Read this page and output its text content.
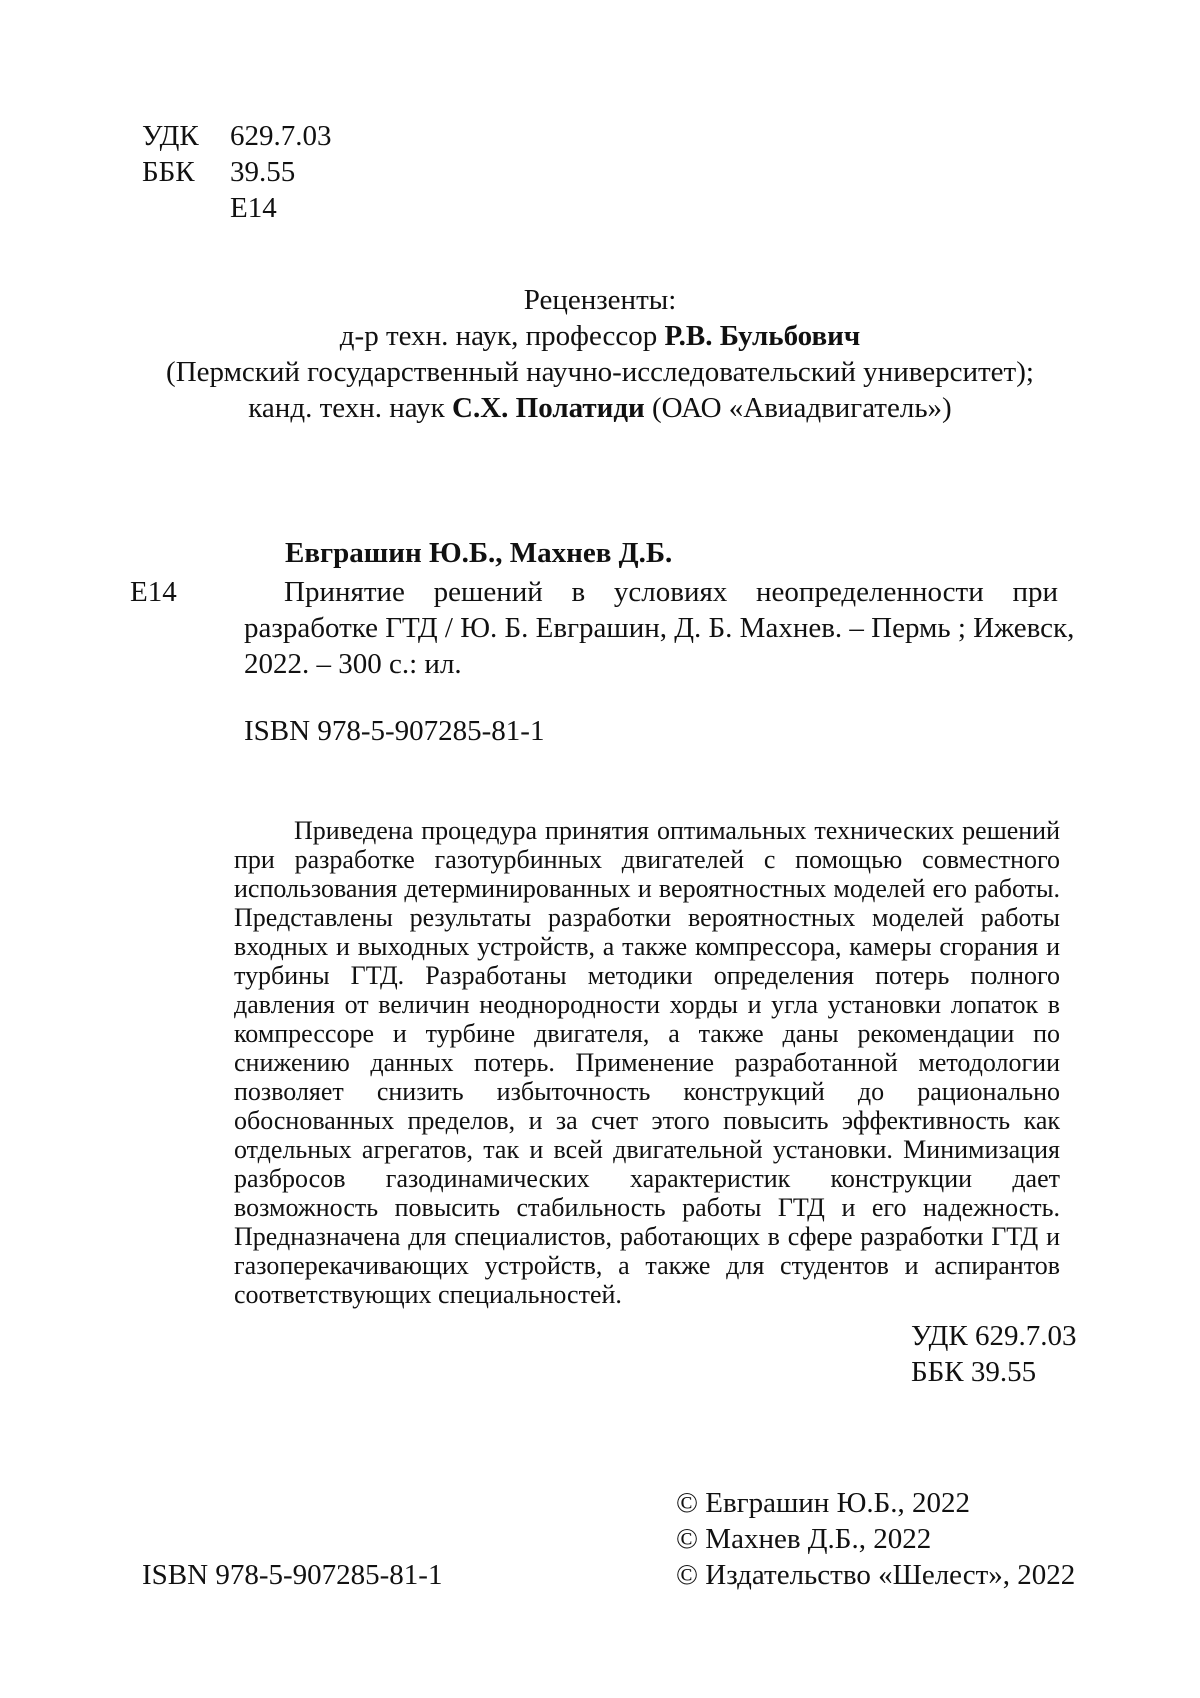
УДК	629.7.03
ББК	39.55
Е14
Рецензенты:
д-р техн. наук, профессор Р.В. Бульбович
(Пермский государственный научно-исследовательский университет);
канд. техн. наук С.Х. Полатиди (ОАО «Авиадвигатель»)
Евграшин Ю.Б., Махнев Д.Б.
Е14	Принятие решений в условиях неопределенности при
разработке ГТД / Ю. Б. Евграшин, Д. Б. Махнев. – Пермь ; Ижевск,
2022. – 300 с.: ил.
ISBN 978-5-907285-81-1

Приведена процедура принятия оптимальных технических решений при разработке газотурбинных двигателей с помощью совместного использования детерминированных и вероятностных моделей его работы. Представлены результаты разработки вероятностных моделей работы входных и выходных устройств, а также компрессора, камеры сгорания и турбины ГТД. Разработаны методики определения потерь полного давления от величин неоднородности хорды и угла установки лопаток в компрессоре и турбине двигателя, а также даны рекомендации по снижению данных потерь. Применение разработанной методологии позволяет снизить избыточность конструкций до рационально обоснованных пределов, и за счет этого повысить эффективность как отдельных агрегатов, так и всей двигательной установки. Минимизация разбросов газодинамических характеристик конструкции дает возможность повысить стабильность работы ГТД и его надежность. Предназначена для специалистов, работающих в сфере разработки ГТД и газоперекачивающих устройств, а также для студентов и аспирантов соответствующих специальностей.

УДК 629.7.03
ББК 39.55
ISBN 978-5-907285-81-1
© Евграшин Ю.Б., 2022
© Махнев Д.Б., 2022
© Издательство «Шелест», 2022
